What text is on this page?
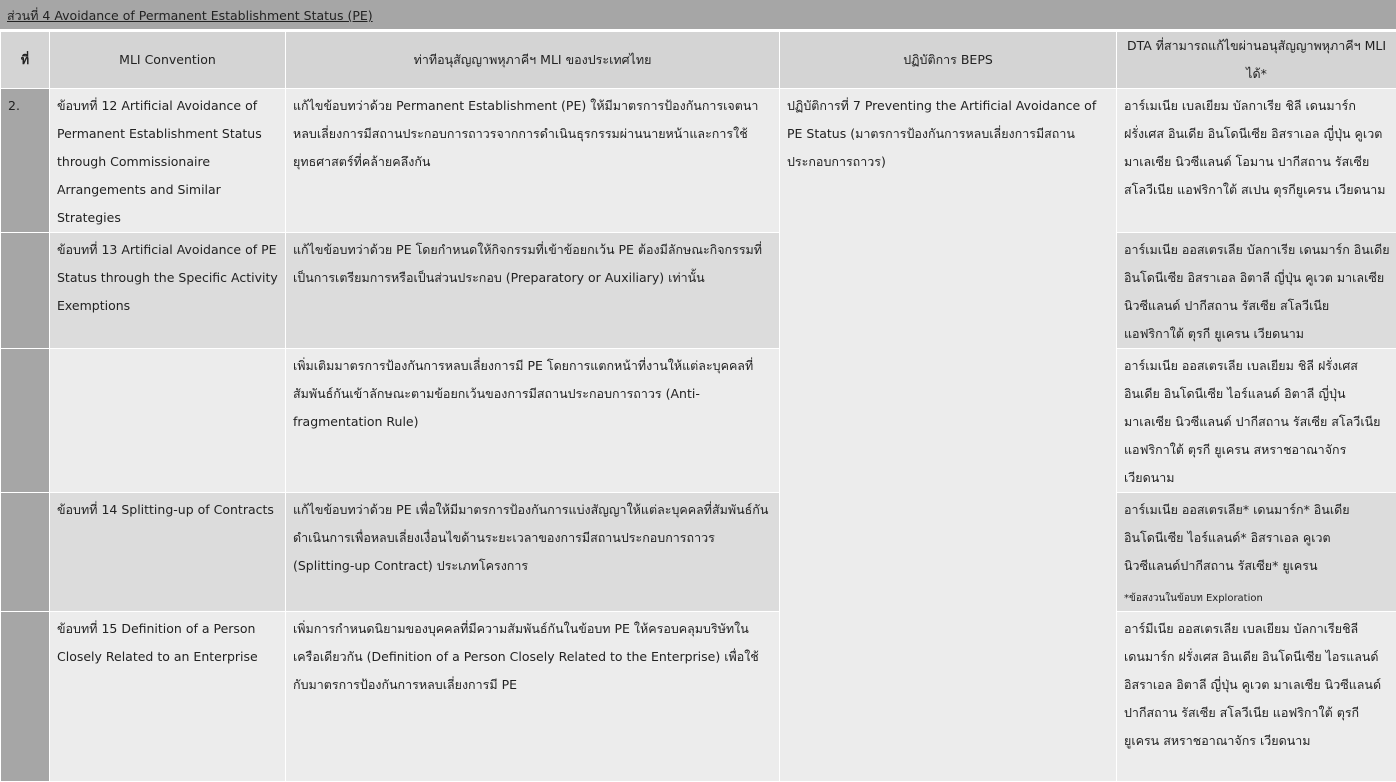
ส่วนที่ 4 Avoidance of Permanent Establishment Status (PE)
ที่	MLI Convention	ท่าทีอนุสัญญาพหุภาคีฯ MLI ของประเทศไทย	ปฏิบัติการ BEPS	DTA ที่สามารถแก้ไขผ่านอนุสัญญาพหุภาคีฯ MLI ได้*
2.	ข้อบทที่ 12 Artificial Avoidance of Permanent Establishment Status through Commissionaire Arrangements and Similar Strategies	แก้ไขข้อบทว่าด้วย Permanent Establishment (PE) ให้มีมาตรการป้องกันการเจตนาหลบเลี่ยงการมีสถานประกอบการถาวรจากการดำเนินธุรกรรมผ่านนายหน้าและการใช้ยุทธศาสตร์ที่คล้ายคลึงกัน	ปฏิบัติการที่ 7 Preventing the Artificial Avoidance of PE Status (มาตรการป้องกันการหลบเลี่ยงการมีสถานประกอบการถาวร)	อาร์เมเนีย เบลเยียม บัลกาเรีย ชิลี เดนมาร์ก ฝรั่งเศส อินเดีย อินโดนีเซีย อิสราเอล ญี่ปุ่น คูเวต มาเลเซีย นิวซีแลนด์ โอมาน ปากีสถาน รัสเซีย สโลวีเนีย แอฟริกาใต้ สเปน ตุรกียูเครน เวียดนาม

	ข้อบทที่ 13 Artificial Avoidance of PE Status through the Specific Activity Exemptions	แก้ไขข้อบทว่าด้วย PE โดยกำหนดให้กิจกรรมที่เข้าข้อยกเว้น PE ต้องมีลักษณะกิจกรรมที่เป็นการเตรียมการหรือเป็นส่วนประกอบ (Preparatory or Auxiliary) เท่านั้น		อาร์เมเนีย ออสเตรเลีย บัลกาเรีย เดนมาร์ก อินเดีย อินโดนีเซีย อิสราเอล อิตาลี ญี่ปุ่น คูเวต มาเลเซีย นิวซีแลนด์ ปากีสถาน รัสเซีย สโลวีเนีย แอฟริกาใต้ ตุรกี ยูเครน เวียดนาม

		เพิ่มเติมมาตรการป้องกันการหลบเลี่ยงการมี PE โดยการแตกหน้าที่งานให้แต่ละบุคคลที่สัมพันธ์กันเข้าลักษณะตามข้อยกเว้นของการมีสถานประกอบการถาวร (Anti-fragmentation Rule)		อาร์เมเนีย ออสเตรเลีย เบลเยียม ชิลี ฝรั่งเศส อินเดีย อินโดนีเซีย ไอร์แลนด์ อิตาลี ญี่ปุ่น มาเลเซีย นิวซีแลนด์ ปากีสถาน รัสเซีย สโลวีเนีย แอฟริกาใต้ ตุรกี ยูเครน สหราชอาณาจักร เวียดนาม

	ข้อบทที่ 14 Splitting-up of Contracts	แก้ไขข้อบทว่าด้วย PE เพื่อให้มีมาตรการป้องกันการแบ่งสัญญาให้แต่ละบุคคลที่สัมพันธ์กันดำเนินการเพื่อหลบเลี่ยงเงื่อนไขด้านระยะเวลาของการมีสถานประกอบการถาวร (Splitting-up Contract) ประเภทโครงการ		อาร์เมเนีย ออสเตรเลีย* เดนมาร์ก* อินเดีย อินโดนีเซีย ไอร์แลนด์* อิสราเอล คูเวต นิวซีแลนด์ปากีสถาน รัสเซีย* ยูเครน
*ข้อสงวนในข้อบท Exploration

	ข้อบทที่ 15 Definition of a Person Closely Related to an Enterprise	เพิ่มการกำหนดนิยามของบุคคลที่มีความสัมพันธ์กันในข้อบท PE ให้ครอบคลุมบริษัทในเครือเดียวกัน (Definition of a Person Closely Related to the Enterprise) เพื่อใช้กับมาตรการป้องกันการหลบเลี่ยงการมี PE		อาร์มีเนีย ออสเตรเลีย เบลเยียม บัลกาเรียชิลี เดนมาร์ก ฝรั่งเศส อินเดีย อินโดนีเซีย ไอรแลนด์ อิสราเอล อิตาลี ญี่ปุ่น คูเวต มาเลเซีย นิวซีแลนด์ ปากีสถาน รัสเซีย สโลวีเนีย แอฟริกาใต้ ตุรกี ยูเครน สหราชอาณาจักร เวียดนาม
